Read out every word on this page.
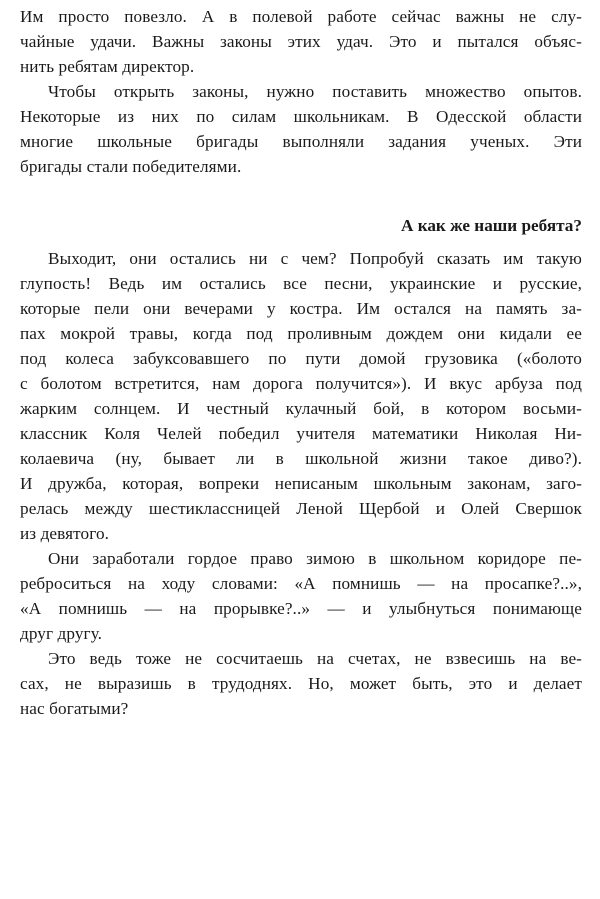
Им просто повезло. А в полевой работе сейчас важны не слу-
чайные удачи. Важны законы этих удач. Это и пытался объяс-
нить ребятам директор.
Чтобы открыть законы, нужно поставить множество опытов.
Некоторые из них по силам школьникам. В Одесской области
многие школьные бригады выполняли задания ученых. Эти
бригады стали победителями.
А как же наши ребята?
Выходит, они остались ни с чем? Попробуй сказать им такую
глупость! Ведь им остались все песни, украинские и русские,
которые пели они вечерами у костра. Им остался на память за-
пах мокрой травы, когда под проливным дождем они кидали ее
под колеса забуксовавшего по пути домой грузовика («болото
с болотом встретится, нам дорога получится»). И вкус арбуза под
жарким солнцем. И честный кулачный бой, в котором восьми-
классник Коля Челей победил учителя математики Николая Ни-
колаевича (ну, бывает ли в школьной жизни такое диво?).
И дружба, которая, вопреки неписаным школьным законам, заго-
релась между шестиклассницей Леной Щербой и Олей Свершок
из девятого.
Они заработали гордое право зимою в школьном коридоре пе-
реброситься на ходу словами: «А помнишь — на просапке?..»,
«А помнишь — на прорывке?..» — и улыбнуться понимающе
друг другу.
Это ведь тоже не сосчитаешь на счетах, не взвесишь на ве-
сах, не выразишь в трудоднях. Но, может быть, это и делает
нас богатыми?
